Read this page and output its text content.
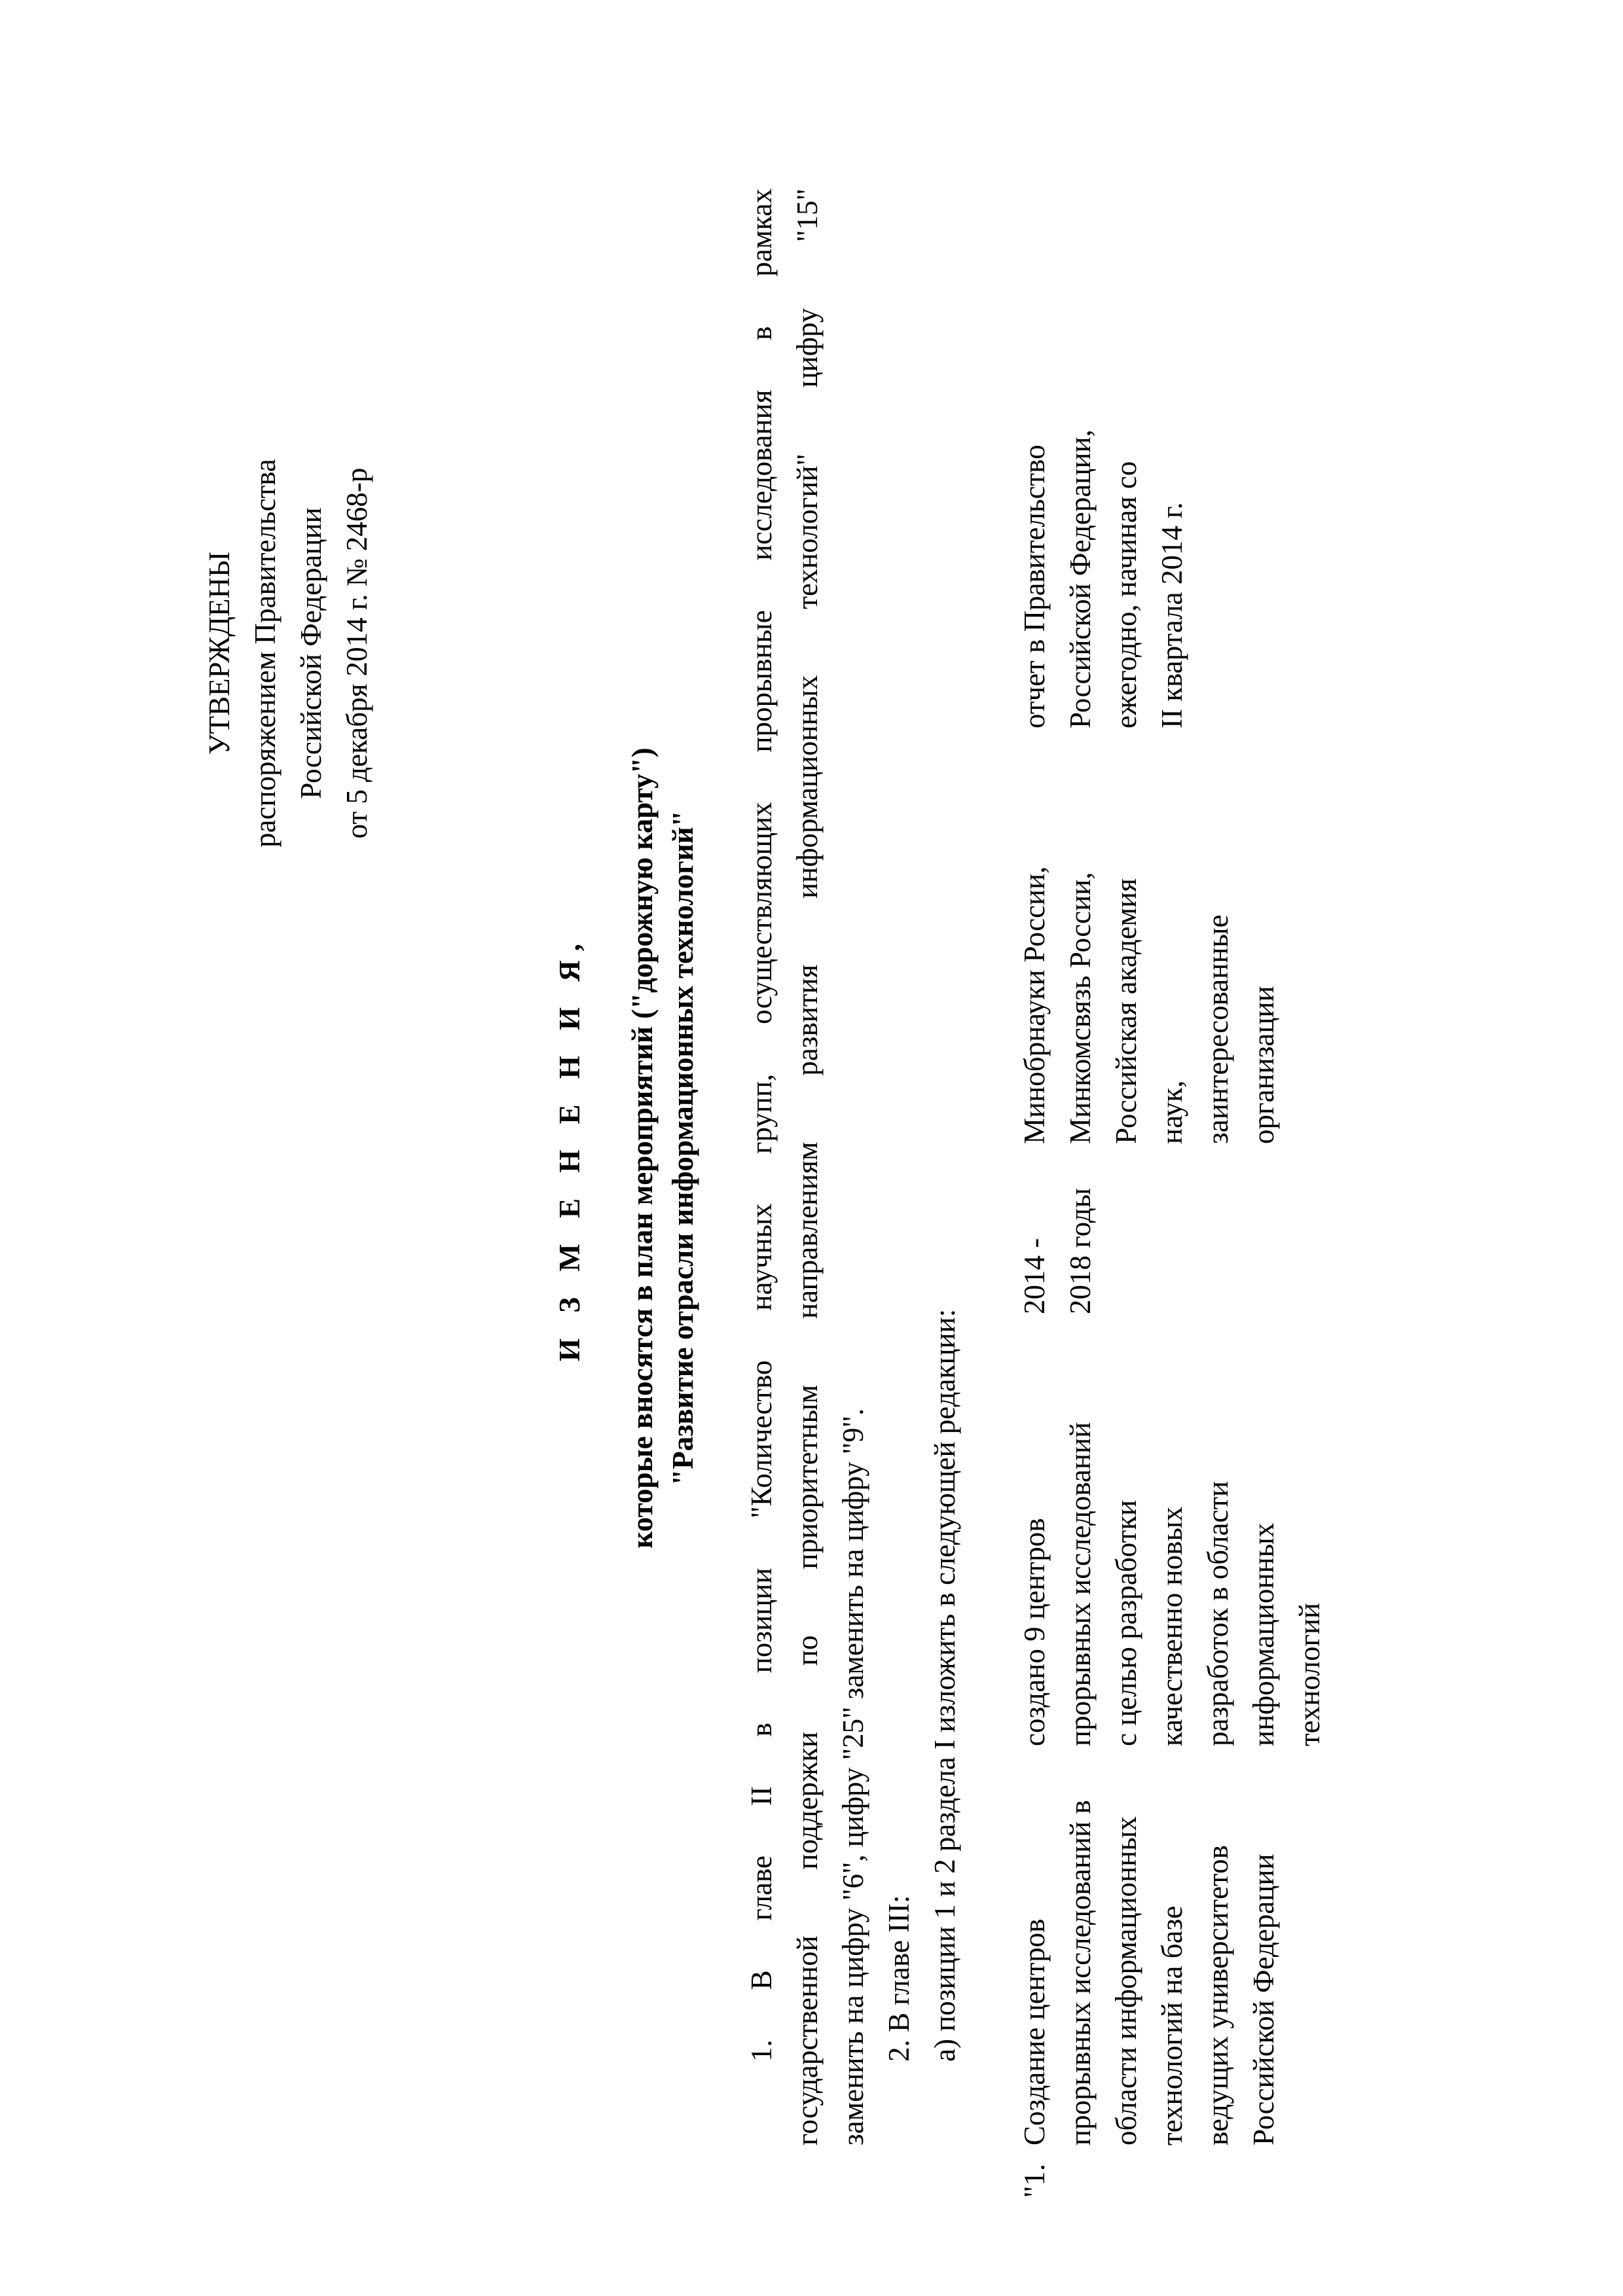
УТВЕРЖДЕНЫ распоряжением Правительства Российской Федерации от 5 декабря 2014 г. № 2468-р
И З М Е Н Е Н И Я,	которые вносятся в план мероприятий ("дорожную карту") "Развитие отрасли информационных технологий" 1. В главе II в позиции "Количество научных групп, осуществляющих прорывные исследования в рамках государственной поддержки по приоритетным направлениям развития информационных технологий" цифру "15" заменить на цифру "6", цифру "25" заменить на цифру "9". 2. В главе III: а) позиции 1 и 2 раздела I изложить в следующей редакции:

"1.
Создание центров прорывных исследований в области информационных технологий на базе ведущих университетов Российской Федерации
создано 9 центров прорывных исследований с целью разработки качественно новых разработок в области информационных технологий
2014 - 2018 годы
Минобрнауки России, Минкомсвязь России, Российская академия наук, заинтересованные организации
отчет в Правительство Российской Федерации, ежегодно, начиная со II квартала 2014 г.
